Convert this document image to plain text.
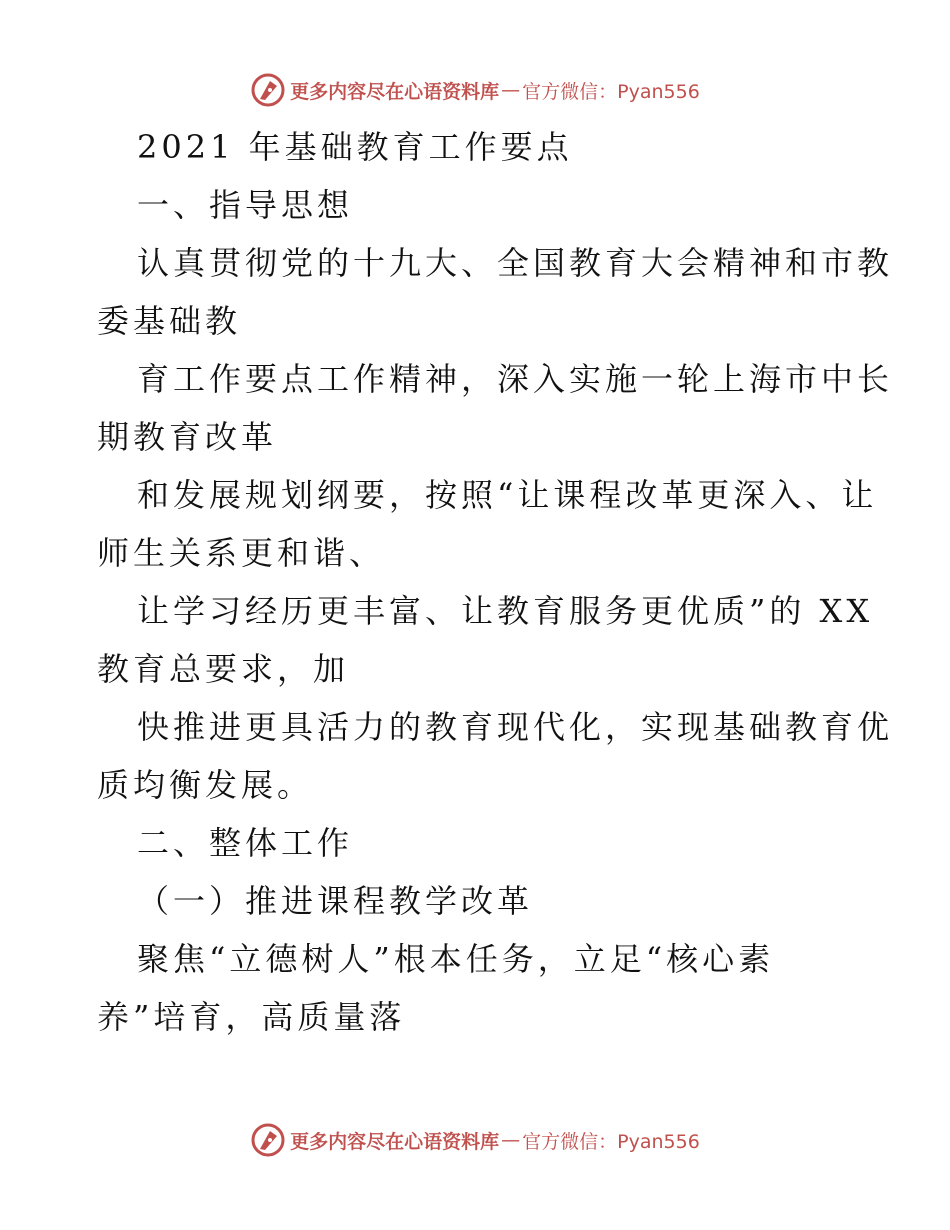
更多内容尽在心语资料库 — 官方微信：Pyan556

2021 年基础教育工作要点

一、指导思想

认真贯彻党的十九大、全国教育大会精神和市教

委基础教

育工作要点工作精神，深入实施一轮上海市中长

期教育改革

和发展规划纲要，按照“让课程改革更深入、让

师生关系更和谐、

让学习经历更丰富、让教育服务更优质”的 XX

教育总要求，加

快推进更具活力的教育现代化，实现基础教育优

质均衡发展。

二、整体工作

（一）推进课程教学改革

聚焦“立德树人”根本任务，立足“核心素

养”培育，高质量落

更多内容尽在心语资料库 — 官方微信：Pyan556
